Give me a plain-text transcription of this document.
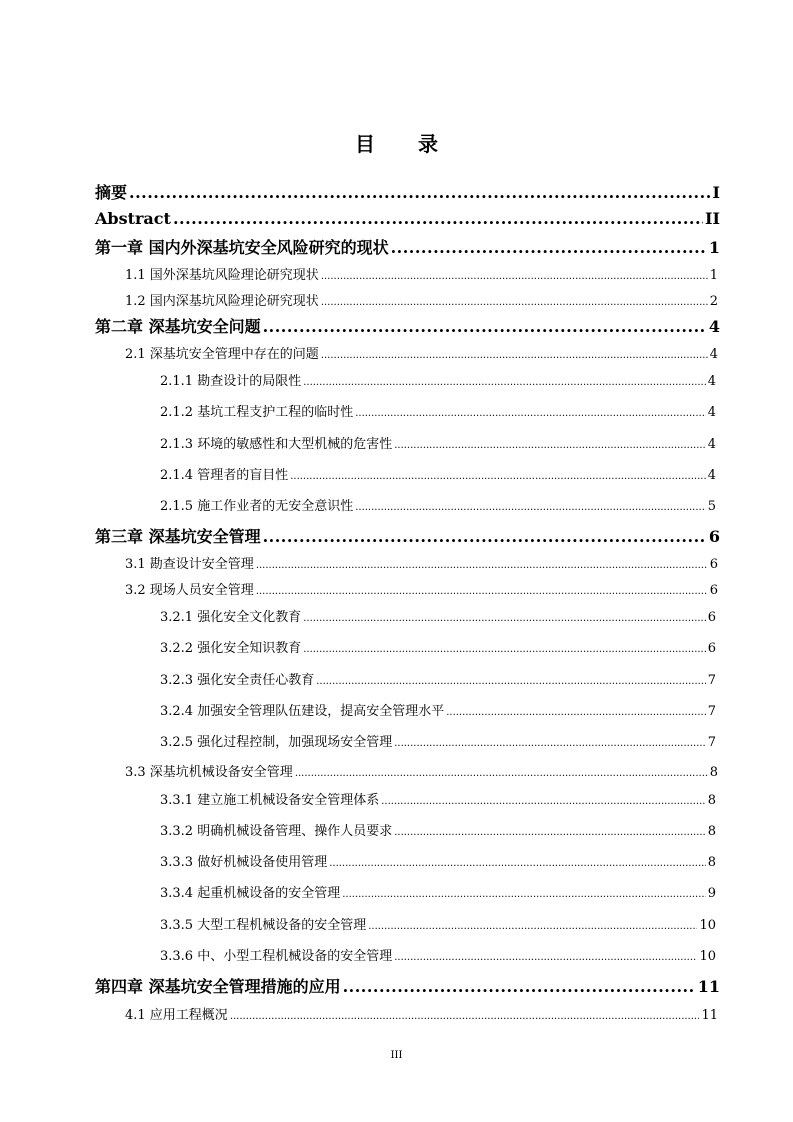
目 录
摘要 .....	I
Abstract .....	II
第一章 国内外深基坑安全风险研究的现状 .....	1
1.1 国外深基坑风险理论研究现状 .....	1
1.2 国内深基坑风险理论研究现状 .....	2
第二章 深基坑安全问题 .....	4
2.1 深基坑安全管理中存在的问题 .....	4
2.1.1 勘查设计的局限性 .....	4
2.1.2 基坑工程支护工程的临时性 .....	4
2.1.3 环境的敏感性和大型机械的危害性 .....	4
2.1.4 管理者的盲目性 .....	4
2.1.5 施工作业者的无安全意识性 .....	5
第三章 深基坑安全管理 .....	6
3.1 勘查设计安全管理 .....	6
3.2 现场人员安全管理 .....	6
3.2.1 强化安全文化教育 .....	6
3.2.2 强化安全知识教育 .....	6
3.2.3 强化安全责任心教育 .....	7
3.2.4 加强安全管理队伍建设，提高安全管理水平 .....	7
3.2.5 强化过程控制，加强现场安全管理 .....	7
3.3 深基坑机械设备安全管理 .....	8
3.3.1 建立施工机械设备安全管理体系 .....	8
3.3.2 明确机械设备管理、操作人员要求 .....	8
3.3.3 做好机械设备使用管理 .....	8
3.3.4 起重机械设备的安全管理 .....	9
3.3.5 大型工程机械设备的安全管理 .....	10
3.3.6 中、小型工程机械设备的安全管理 .....	10
第四章 深基坑安全管理措施的应用 .....	11
4.1 应用工程概况 .....	11
III
